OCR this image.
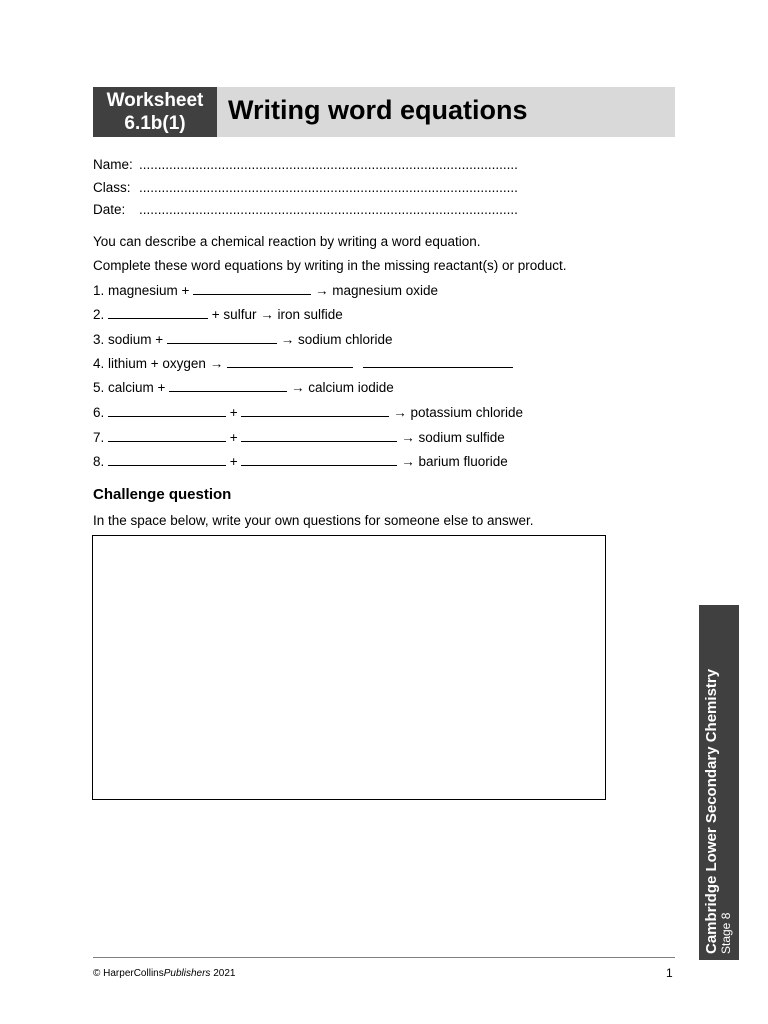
Worksheet
6.1b(1)	Writing word equations
Name: .....................................................................................................
Class: .....................................................................................................
Date: .....................................................................................................
You can describe a chemical reaction by writing a word equation.
Complete these word equations by writing in the missing reactant(s) or product.
1. magnesium +	→ magnesium oxide
2.	+ sulfur → iron sulfide
3. sodium +	→ sodium chloride
4. lithium + oxygen →
5. calcium +	→ calcium iodide
6.	+	→ potassium chloride
7.	+	→ sodium sulfide
8.	+	→ barium fluoride
Challenge question
In the space below, write your own questions for someone else to answer.
Cambridge Lower Secondary Chemistry Stage 8
© HarperCollinsPublishers 2021	1
